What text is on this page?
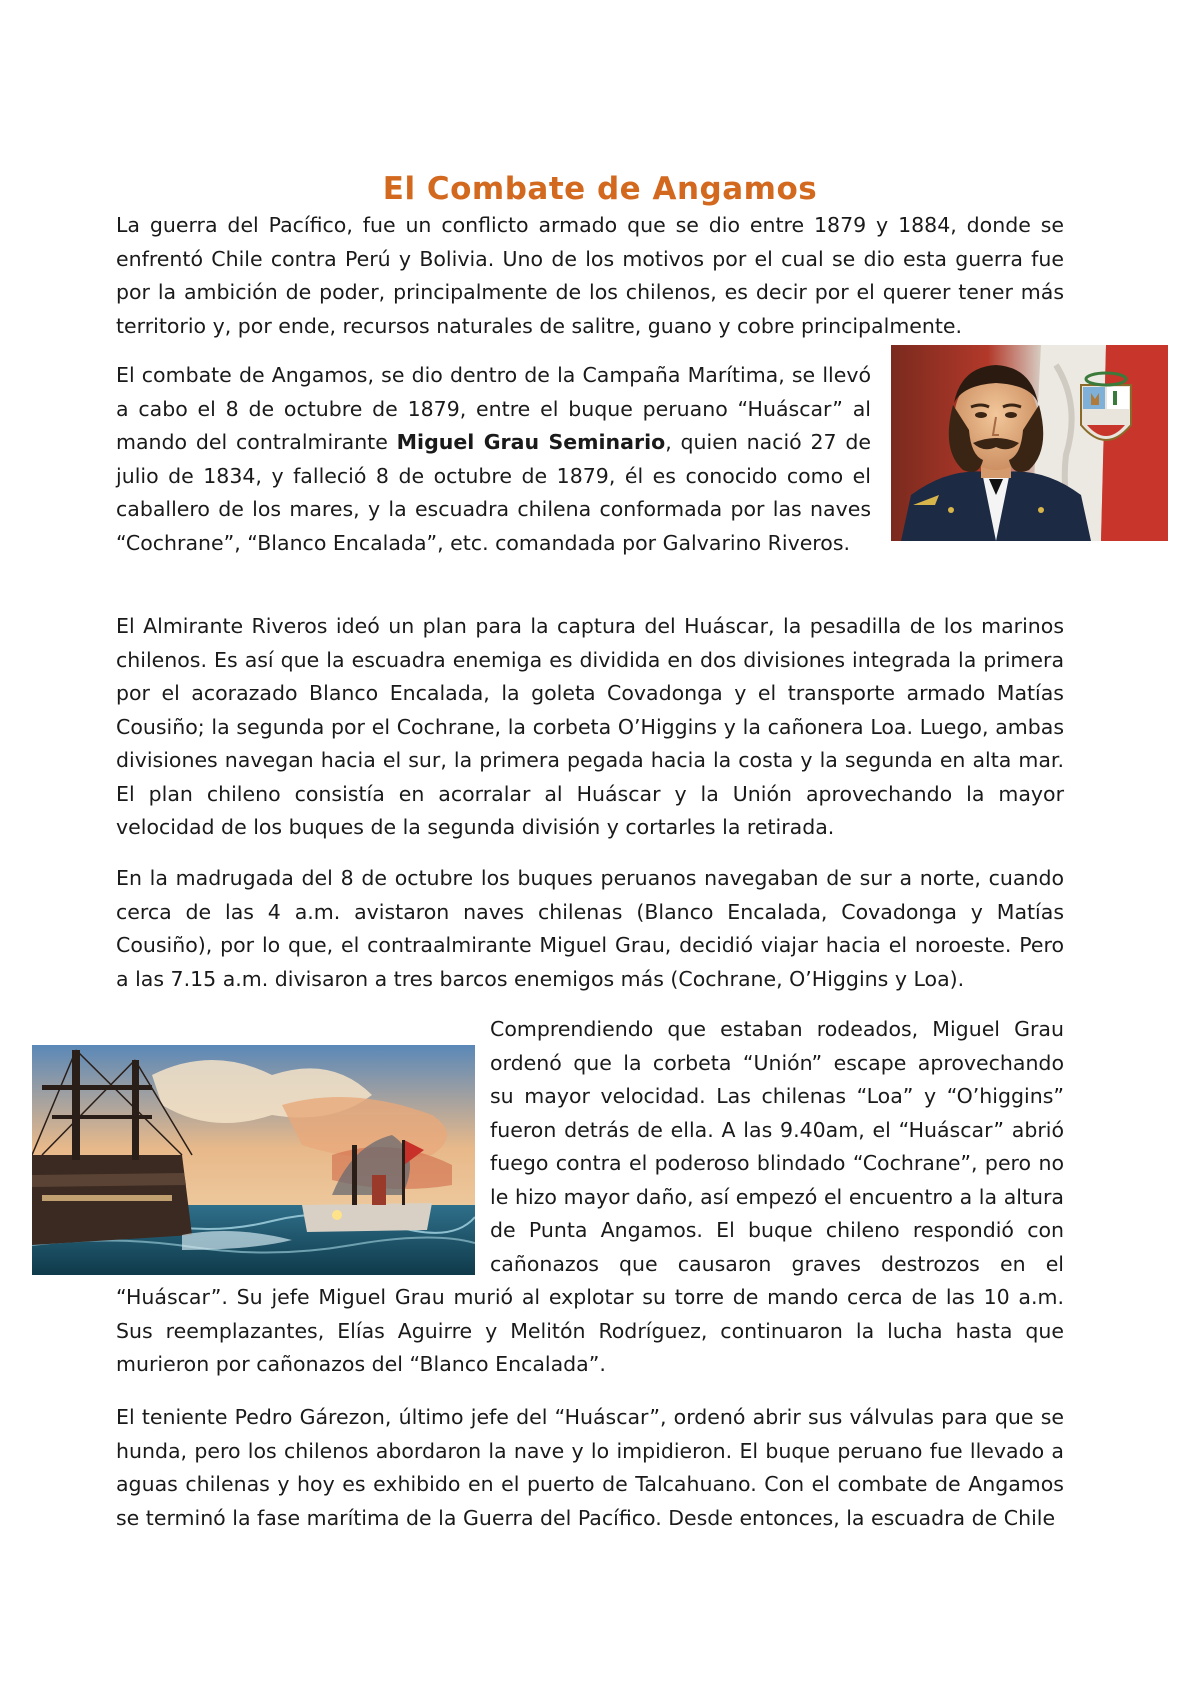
El Combate de Angamos

La guerra del Pacífico, fue un conflicto armado que se dio entre 1879 y 1884, donde se enfrentó Chile contra Perú y Bolivia. Uno de los motivos por el cual se dio esta guerra fue por la ambición de poder, principalmente de los chilenos, es decir por el querer tener más territorio y, por ende, recursos naturales de salitre, guano y cobre principalmente.

El combate de Angamos, se dio dentro de la Campaña Marítima, se llevó a cabo el 8 de octubre de 1879, entre el buque peruano “Huáscar” al mando del contralmirante Miguel Grau Seminario, quien nació 27 de julio de 1834, y falleció 8 de octubre de 1879, él es conocido como el caballero de los mares, y la escuadra chilena conformada por las naves “Cochrane”, “Blanco Encalada”, etc. comandada por Galvarino Riveros.

El Almirante Riveros ideó un plan para la captura del Huáscar, la pesadilla de los marinos chilenos. Es así que la escuadra enemiga es dividida en dos divisiones integrada la primera por el acorazado Blanco Encalada, la goleta Covadonga y el transporte armado Matías Cousiño; la segunda por el Cochrane, la corbeta O’Higgins y la cañonera Loa. Luego, ambas divisiones navegan hacia el sur, la primera pegada hacia la costa y la segunda en alta mar. El plan chileno consistía en acorralar al Huáscar y la Unión aprovechando la mayor velocidad de los buques de la segunda división y cortarles la retirada.

En la madrugada del 8 de octubre los buques peruanos navegaban de sur a norte, cuando cerca de las 4 a.m. avistaron naves chilenas (Blanco Encalada, Covadonga y Matías Cousiño), por lo que, el contraalmirante Miguel Grau, decidió viajar hacia el noroeste. Pero a las 7.15 a.m. divisaron a tres barcos enemigos más (Cochrane, O’Higgins y Loa).

Comprendiendo que estaban rodeados, Miguel Grau ordenó que la corbeta “Unión” escape aprovechando su mayor velocidad. Las chilenas “Loa” y “O’higgins” fueron detrás de ella. A las 9.40am, el “Huáscar” abrió fuego contra el poderoso blindado “Cochrane”, pero no le hizo mayor daño, así empezó el encuentro a la altura de Punta Angamos. El buque chileno respondió con cañonazos que causaron graves destrozos en el “Huáscar”. Su jefe Miguel Grau murió al explotar su torre de mando cerca de las 10 a.m. Sus reemplazantes, Elías Aguirre y Melitón Rodríguez, continuaron la lucha hasta que murieron por cañonazos del “Blanco Encalada”.

El teniente Pedro Gárezon, último jefe del “Huáscar”, ordenó abrir sus válvulas para que se hunda, pero los chilenos abordaron la nave y lo impidieron. El buque peruano fue llevado a aguas chilenas y hoy es exhibido en el puerto de Talcahuano. Con el combate de Angamos se terminó la fase marítima de la Guerra del Pacífico. Desde entonces, la escuadra de Chile
